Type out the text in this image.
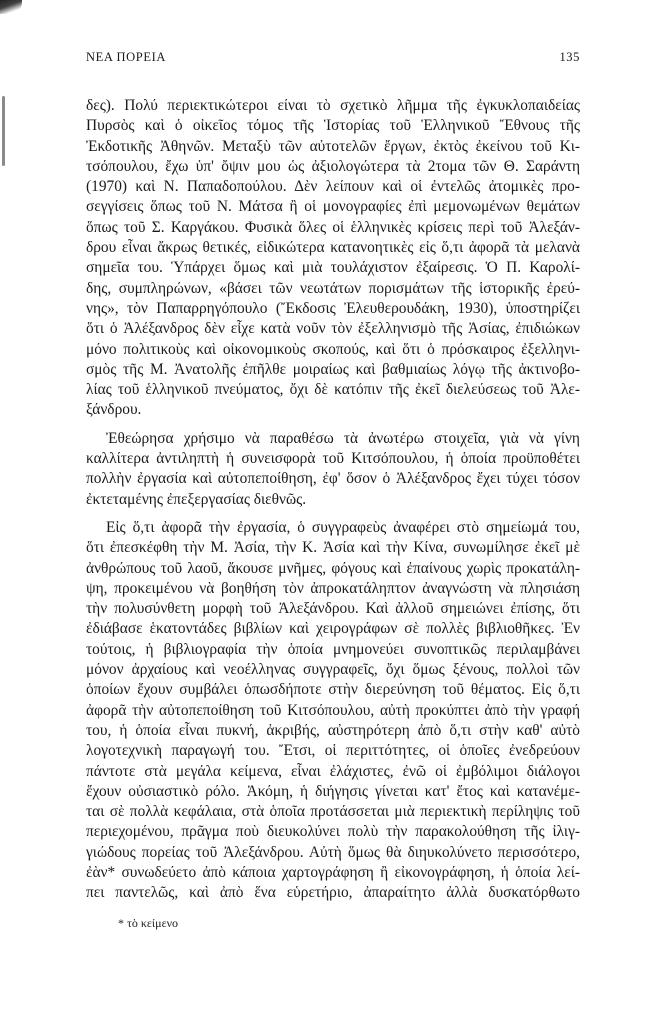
ΝΕΑ ΠΟΡΕΙΑ	135
δες). Πολύ περιεκτικώτεροι είναι τὸ σχετικὸ λῆμμα τῆς ἐγκυκλοπαιδείας
Πυρσὸς καὶ ὁ οἰκεῖος τόμος τῆς Ἱστορίας τοῦ Ἑλληνικοῦ Ἔθνους τῆς
Ἐκδοτικῆς Ἀθηνῶν. Μεταξὺ τῶν αὐτοτελῶν ἔργων, ἐκτὸς ἐκείνου τοῦ Κι-
τσόπουλου, ἔχω ὑπ' ὄψιν μου ὡς ἀξιολογώτερα τὰ 2τομα τῶν Θ. Σαράντη
(1970) καὶ Ν. Παπαδοπούλου. Δὲν λείπουν καὶ οἱ ἐντελῶς ἀτομικὲς προ-
σεγγίσεις ὅπως τοῦ Ν. Μάτσα ἢ οἱ μονογραφίες ἐπὶ μεμονωμένων θεμάτων
ὅπως τοῦ Σ. Καργάκου. Φυσικὰ ὅλες οἱ ἑλληνικὲς κρίσεις περὶ τοῦ Ἀλεξάν-
δρου εἶναι ἄκρως θετικές, εἰδικώτερα κατανοητικὲς εἰς ὅ,τι ἀφορᾶ τὰ μελανὰ
σημεῖα του. Ὑπάρχει ὅμως καὶ μιὰ τουλάχιστον ἐξαίρεσις. Ὁ Π. Καρολί-
δης, συμπληρώνων, «βάσει τῶν νεωτάτων πορισμάτων τῆς ἱστορικῆς ἐρεύ-
νης», τὸν Παπαρρηγόπουλο (Ἔκδοσις Ἐλευθερουδάκη, 1930), ὑποστηρίζει
ὅτι ὁ Ἀλέξανδρος δὲν εἶχε κατὰ νοῦν τὸν ἐξελληνισμὸ τῆς Ἀσίας, ἐπιδιώκων
μόνο πολιτικοὺς καὶ οἰκονομικοὺς σκοπούς, καὶ ὅτι ὁ πρόσκαιρος ἐξελληνι-
σμὸς τῆς Μ. Ἀνατολῆς ἐπῆλθε μοιραίως καὶ βαθμιαίως λόγῳ τῆς ἀκτινοβο-
λίας τοῦ ἑλληνικοῦ πνεύματος, ὄχι δὲ κατόπιν τῆς ἐκεῖ διελεύσεως τοῦ Ἀλε-
ξάνδρου.
Ἐθεώρησα χρήσιμο νὰ παραθέσω τὰ ἀνωτέρω στοιχεῖα, γιὰ νὰ γίνη
καλλίτερα ἀντιληπτὴ ἡ συνεισφορὰ τοῦ Κιτσόπουλου, ἡ ὁποία προϋποθέτει
πολλὴν ἐργασία καὶ αὐτοπεποίθηση, ἐφ' ὅσον ὁ Ἀλέξανδρος ἔχει τύχει τόσον
ἐκτεταμένης ἐπεξεργασίας διεθνῶς.
Εἰς ὅ,τι ἀφορᾶ τὴν ἐργασία, ὁ συγγραφεὺς ἀναφέρει στὸ σημείωμά του,
ὅτι ἐπεσκέφθη τὴν Μ. Ἀσία, τὴν Κ. Ἀσία καὶ τὴν Κίνα, συνωμίλησε ἐκεῖ μὲ
ἀνθρώπους τοῦ λαοῦ, ἄκουσε μνῆμες, φόγους καὶ ἐπαίνους χωρὶς προκατάλη-
ψη, προκειμένου νὰ βοηθήση τὸν ἀπροκατάληπτον ἀναγνώστη νὰ πλησιάση
τὴν πολυσύνθετη μορφὴ τοῦ Ἀλεξάνδρου. Καὶ ἀλλοῦ σημειώνει ἐπίσης, ὅτι
ἐδιάβασε ἑκατοντάδες βιβλίων καὶ χειρογράφων σὲ πολλὲς βιβλιοθῆκες. Ἐν
τούτοις, ἡ βιβλιογραφία τὴν ὁποία μνημονεύει συνοπτικῶς περιλαμβάνει
μόνον ἀρχαίους καὶ νεοέλληνας συγγραφεῖς, ὄχι ὅμως ξένους, πολλοὶ τῶν
ὁποίων ἔχουν συμβάλει ὁπωσδήποτε στὴν διερεύνηση τοῦ θέματος. Εἰς ὅ,τι
ἀφορᾶ τὴν αὐτοπεποίθηση τοῦ Κιτσόπουλου, αὐτὴ προκύπτει ἀπὸ τὴν γραφή
του, ἡ ὁποία εἶναι πυκνή, ἀκριβής, αὐστηρότερη ἀπὸ ὅ,τι στὴν καθ' αὐτὸ
λογοτεχνικὴ παραγωγή του. Ἔτσι, οἱ περιττότητες, οἱ ὁποῖες ἐνεδρεύουν
πάντοτε στὰ μεγάλα κείμενα, εἶναι ἐλάχιστες, ἐνῶ οἱ ἐμβόλιμοι διάλογοι
ἔχουν οὐσιαστικὸ ρόλο. Ἀκόμη, ἡ διήγησις γίνεται κατ' ἔτος καὶ κατανέμε-
ται σὲ πολλὰ κεφάλαια, στὰ ὁποῖα προτάσσεται μιὰ περιεκτικὴ περίληψις τοῦ
περιεχομένου, πρᾶγμα ποὺ διευκολύνει πολὺ τὴν παρακολούθηση τῆς ἰλιγ-
γιώδους πορείας τοῦ Ἀλεξάνδρου. Αὐτὴ ὅμως θὰ διηυκολύνετο περισσότερο,
ἐὰν* συνωδεύετο ἀπὸ κάποια χαρτογράφηση ἢ εἰκονογράφηση, ἡ ὁποία λεί-
πει παντελῶς, καὶ ἀπὸ ἕνα εὑρετήριο, ἀπαραίτητο ἀλλὰ δυσκατόρθωτο
* τὸ κείμενο
